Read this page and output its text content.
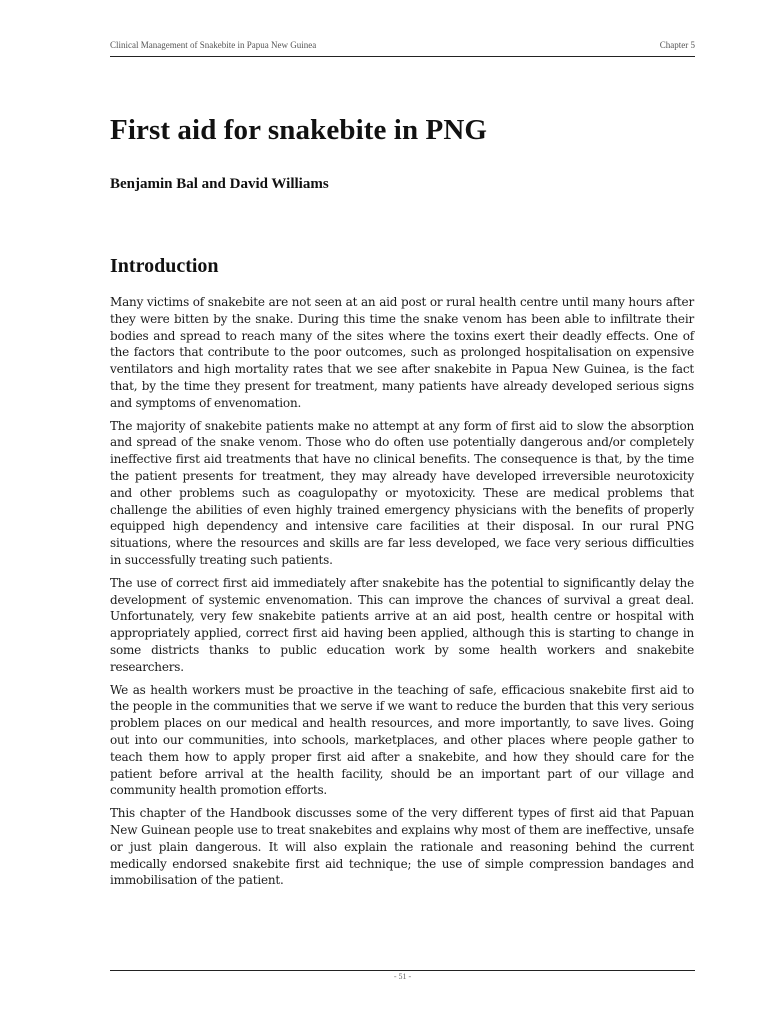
Clinical Management of Snakebite in Papua New Guinea	Chapter 5
First aid for snakebite in PNG

Benjamin Bal and David Williams

Introduction

Many victims of snakebite are not seen at an aid post or rural health centre until many hours after they were bitten by the snake. During this time the snake venom has been able to infiltrate their bodies and spread to reach many of the sites where the toxins exert their deadly effects. One of the factors that contribute to the poor outcomes, such as prolonged hospitalisation on expensive ventilators and high mortality rates that we see after snakebite in Papua New Guinea, is the fact that, by the time they present for treatment, many patients have already developed serious signs and symptoms of envenomation.

The majority of snakebite patients make no attempt at any form of first aid to slow the absorption and spread of the snake venom. Those who do often use potentially dangerous and/or completely ineffective first aid treatments that have no clinical benefits. The consequence is that, by the time the patient presents for treatment, they may already have developed irreversible neurotoxicity and other problems such as coagulopathy or myotoxicity. These are medical problems that challenge the abilities of even highly trained emergency physicians with the benefits of properly equipped high dependency and intensive care facilities at their disposal. In our rural PNG situations, where the resources and skills are far less developed, we face very serious difficulties in successfully treating such patients.

The use of correct first aid immediately after snakebite has the potential to significantly delay the development of systemic envenomation. This can improve the chances of survival a great deal. Unfortunately, very few snakebite patients arrive at an aid post, health centre or hospital with appropriately applied, correct first aid having been applied, although this is starting to change in some districts thanks to public education work by some health workers and snakebite researchers.

We as health workers must be proactive in the teaching of safe, efficacious snakebite first aid to the people in the communities that we serve if we want to reduce the burden that this very serious problem places on our medical and health resources, and more importantly, to save lives. Going out into our communities, into schools, marketplaces, and other places where people gather to teach them how to apply proper first aid after a snakebite, and how they should care for the patient before arrival at the health facility, should be an important part of our village and community health promotion efforts.

This chapter of the Handbook discusses some of the very different types of first aid that Papuan New Guinean people use to treat snakebites and explains why most of them are ineffective, unsafe or just plain dangerous. It will also explain the rationale and reasoning behind the current medically endorsed snakebite first aid technique; the use of simple compression bandages and immobilisation of the patient.

- 51 -
